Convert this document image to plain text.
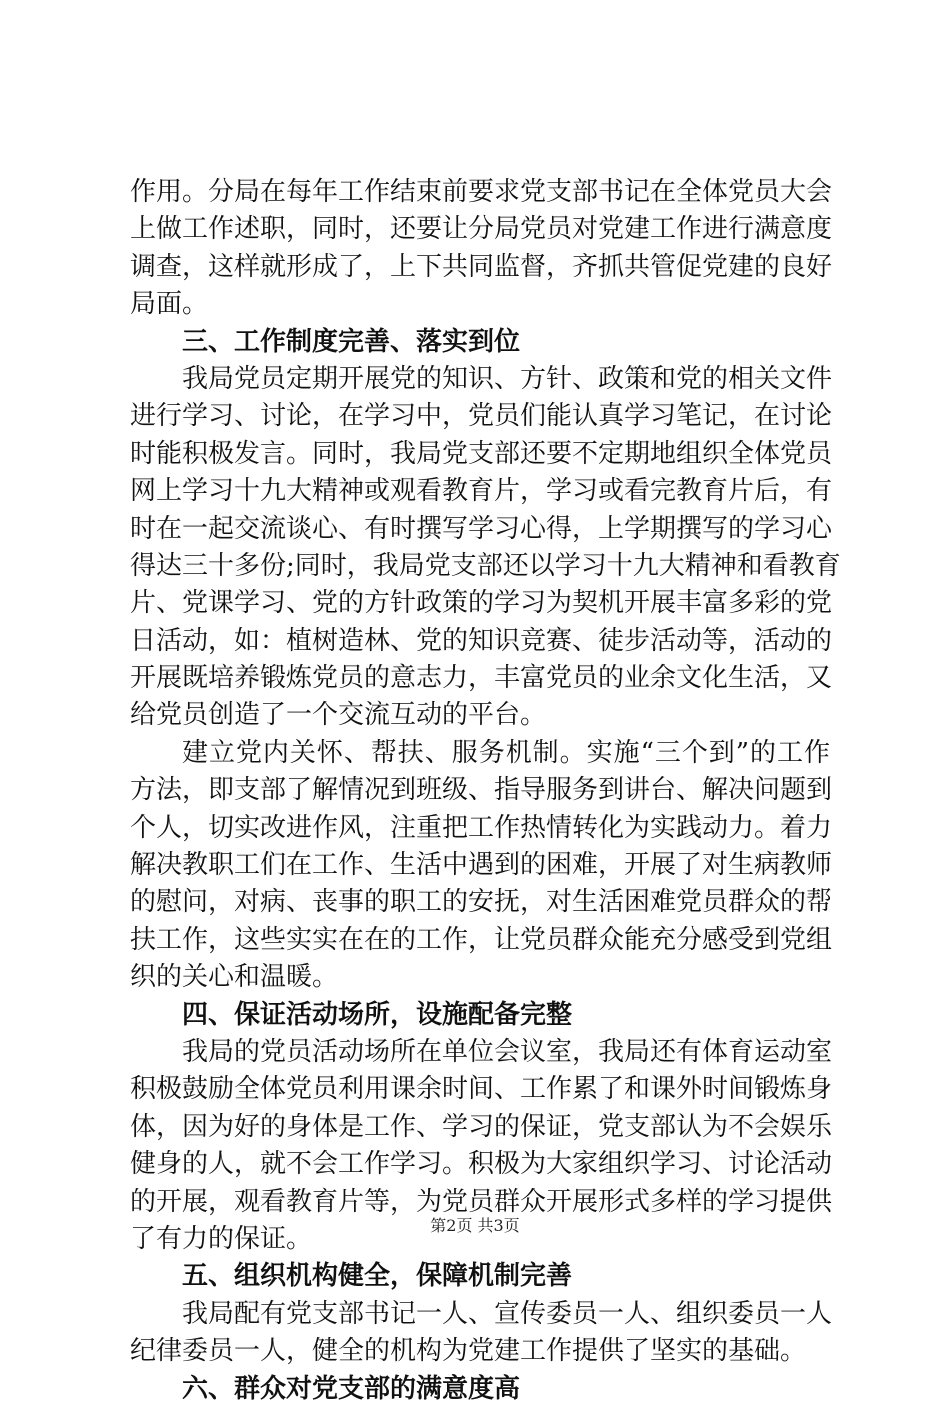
作用。分局在每年工作结束前要求党支部书记在全体党员大会
上做工作述职，同时，还要让分局党员对党建工作进行满意度
调查，这样就形成了，上下共同监督，齐抓共管促党建的良好
局面。
三、工作制度完善、落实到位
我局党员定期开展党的知识、方针、政策和党的相关文件
进行学习、讨论，在学习中，党员们能认真学习笔记，在讨论
时能积极发言。同时，我局党支部还要不定期地组织全体党员
网上学习十九大精神或观看教育片，学习或看完教育片后，有
时在一起交流谈心、有时撰写学习心得，上学期撰写的学习心
得达三十多份;同时，我局党支部还以学习十九大精神和看教育
片、党课学习、党的方针政策的学习为契机开展丰富多彩的党
日活动，如：植树造林、党的知识竞赛、徒步活动等，活动的
开展既培养锻炼党员的意志力，丰富党员的业余文化生活，又
给党员创造了一个交流互动的平台。
建立党内关怀、帮扶、服务机制。实施“三个到”的工作
方法，即支部了解情况到班级、指导服务到讲台、解决问题到
个人，切实改进作风，注重把工作热情转化为实践动力。着力
解决教职工们在工作、生活中遇到的困难，开展了对生病教师
的慰问，对病、丧事的职工的安抚，对生活困难党员群众的帮
扶工作，这些实实在在的工作，让党员群众能充分感受到党组
织的关心和温暖。
四、保证活动场所，设施配备完整
我局的党员活动场所在单位会议室，我局还有体育运动室
积极鼓励全体党员利用课余时间、工作累了和课外时间锻炼身
体，因为好的身体是工作、学习的保证，党支部认为不会娱乐
健身的人，就不会工作学习。积极为大家组织学习、讨论活动
的开展，观看教育片等，为党员群众开展形式多样的学习提供
了有力的保证。
五、组织机构健全，保障机制完善
我局配有党支部书记一人、宣传委员一人、组织委员一人
纪律委员一人，健全的机构为党建工作提供了坚实的基础。
六、群众对党支部的满意度高
第2页 共3页
